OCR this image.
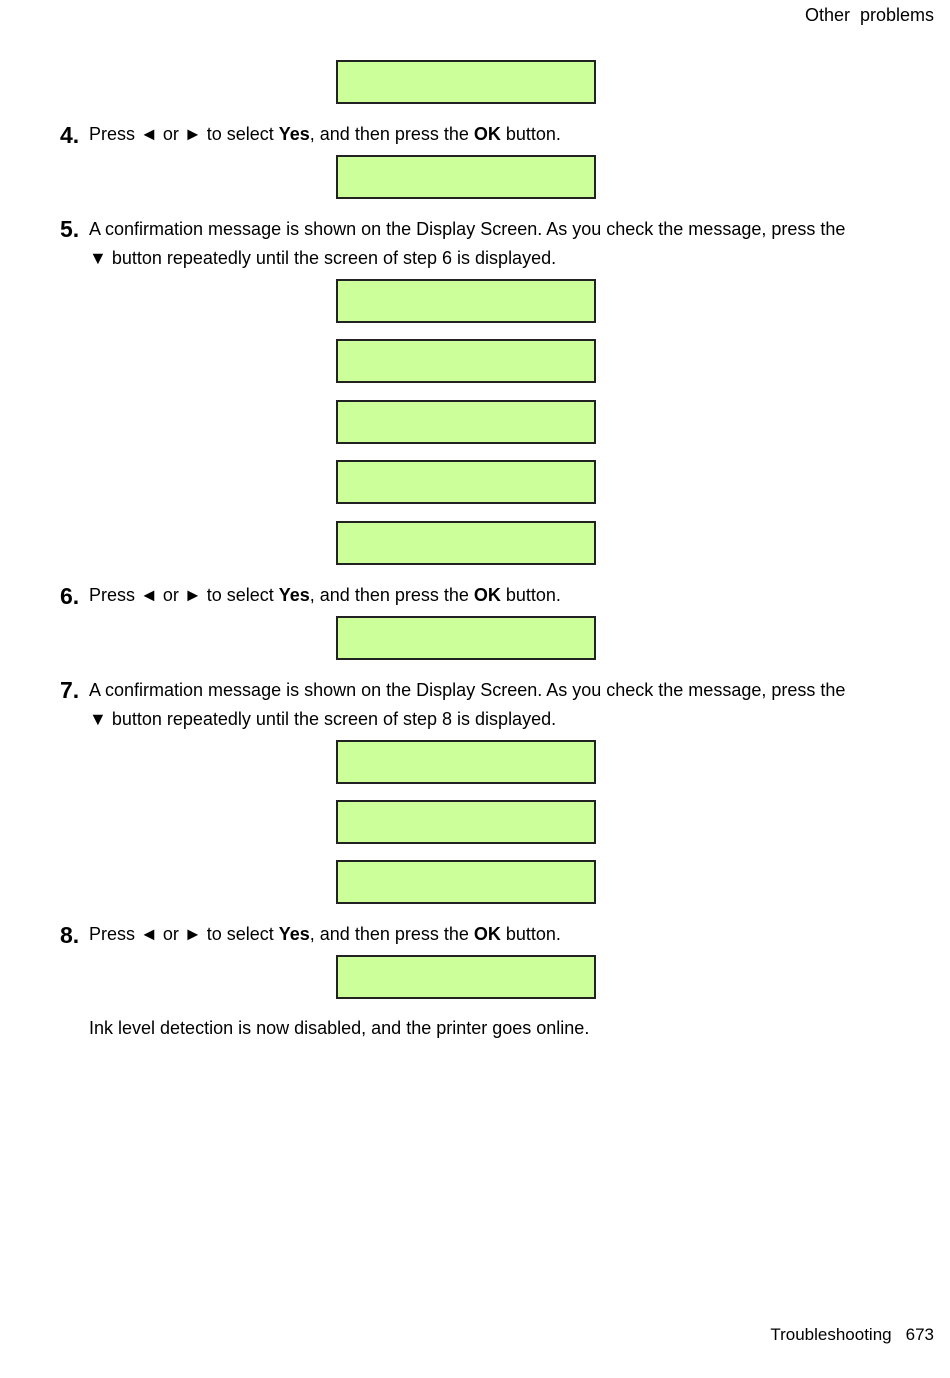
Other  problems

4. Press ◄ or ► to select Yes, and then press the OK button.

5. A confirmation message is shown on the Display Screen. As you check the message, press the
▼ button repeatedly until the screen of step 6 is displayed.

6. Press ◄ or ► to select Yes, and then press the OK button.

7. A confirmation message is shown on the Display Screen. As you check the message, press the
▼ button repeatedly until the screen of step 8 is displayed.

8. Press ◄ or ► to select Yes, and then press the OK button.

Ink level detection is now disabled, and the printer goes online.
Troubleshooting 673
